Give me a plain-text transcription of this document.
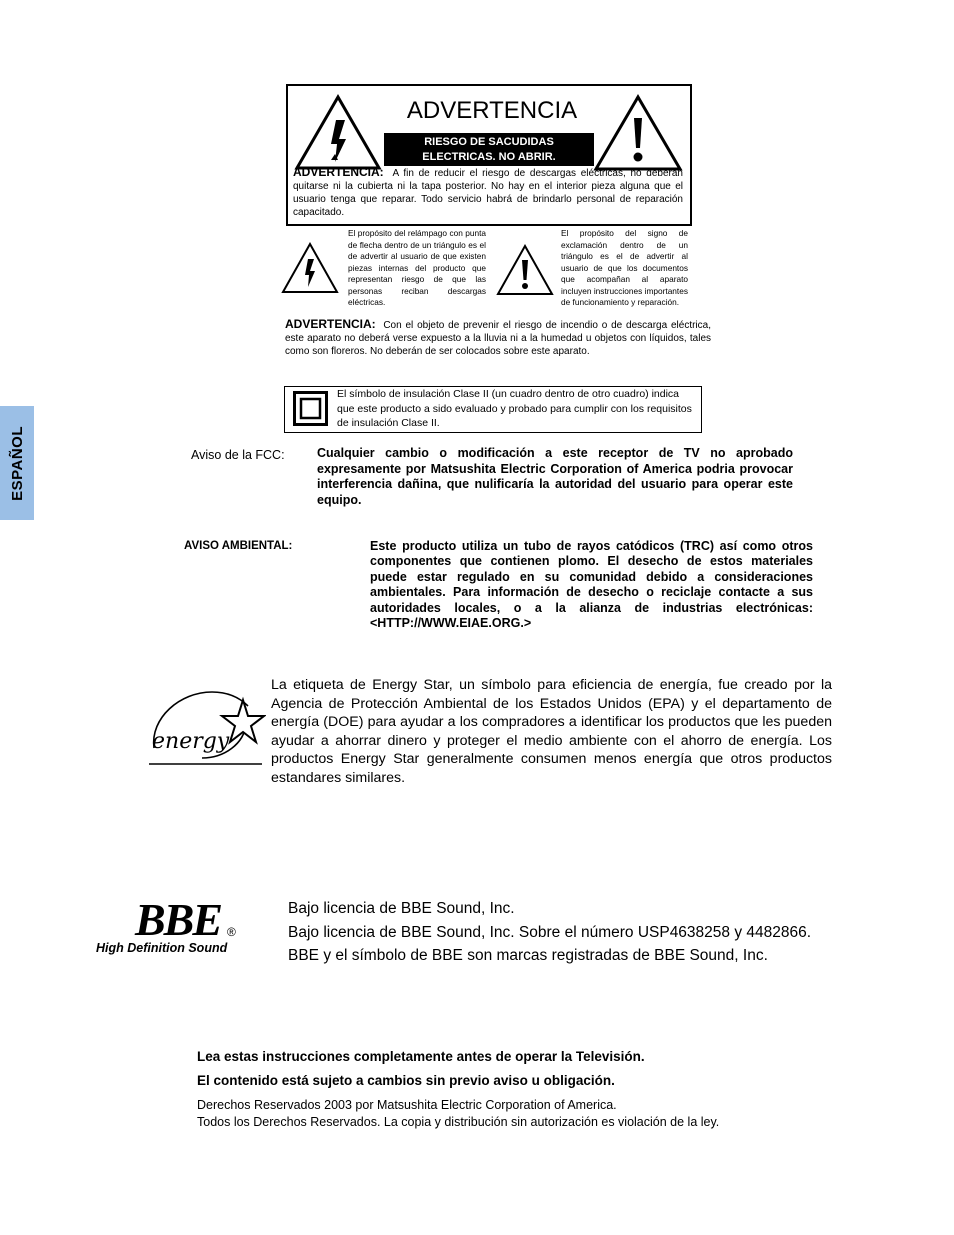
ESPAÑOL
ADVERTENCIA
RIESGO DE SACUDIDAS
ELECTRICAS. NO ABRIR.
ADVERTENCIA: A fin de reducir el riesgo de descargas eléctricas, no deberán quitarse ni la cubierta ni la tapa posterior. No hay en el interior pieza alguna que el usuario tenga que reparar. Todo servicio habrá de brindarlo personal de reparación capacitado.
El propósito del relámpago con punta de flecha dentro de un triángulo es el de advertir al usuario de que existen piezas internas del producto que representan riesgo de que las personas reciban descargas eléctricas.
El propósito del signo de exclamación dentro de un triángulo es el de advertir al usuario de que los documentos que acompañan al aparato incluyen instrucciones importantes de funcionamiento y reparación.
ADVERTENCIA: Con el objeto de prevenir el riesgo de incendio o de descarga eléctrica, este aparato no deberá verse expuesto a la lluvia ni a la humedad u objetos con líquidos, tales como son floreros. No deberán de ser colocados sobre este aparato.
El símbolo de insulación Clase II (un cuadro dentro de otro cuadro) indica que este producto a sido evaluado y probado para cumplir con los requisitos de insulación Clase II.
Aviso de la FCC:	Cualquier cambio o modificación a este receptor de TV no aprobado expresamente por Matsushita Electric Corporation of America podria provocar interferencia dañina, que nulificaría la autoridad del usuario para operar este equipo.
AVISO AMBIENTAL:	Este producto utiliza un tubo de rayos catódicos (TRC) así como otros componentes que contienen plomo. El desecho de estos materiales puede estar regulado en su comunidad debido a consideraciones ambientales. Para información de desecho o reciclaje contacte a sus autoridades locales, o a la alianza de industrias electrónicas: <HTTP://WWW.EIAE.ORG.>
energy
La etiqueta de Energy Star, un símbolo para eficiencia de energía, fue creado por la Agencia de Protección Ambiental de los Estados Unidos (EPA) y el departamento de energía (DOE) para ayudar a los compradores a identificar los productos que les pueden ayudar a ahorrar dinero y proteger el medio ambiente con el ahorro de energía. Los productos Energy Star generalmente consumen menos energía que otros productos estandares similares.
BBE ®
High Definition Sound
Bajo licencia de BBE Sound, Inc.
Bajo licencia de BBE Sound, Inc. Sobre el número USP4638258 y 4482866.
BBE y el símbolo de BBE son marcas registradas de BBE Sound, Inc.
Lea estas instrucciones completamente antes de operar la Televisión.
El contenido está sujeto a cambios sin previo aviso u obligación.
Derechos Reservados 2003 por Matsushita Electric Corporation of America.
Todos los Derechos Reservados. La copia y distribución sin autorización es violación de la ley.
